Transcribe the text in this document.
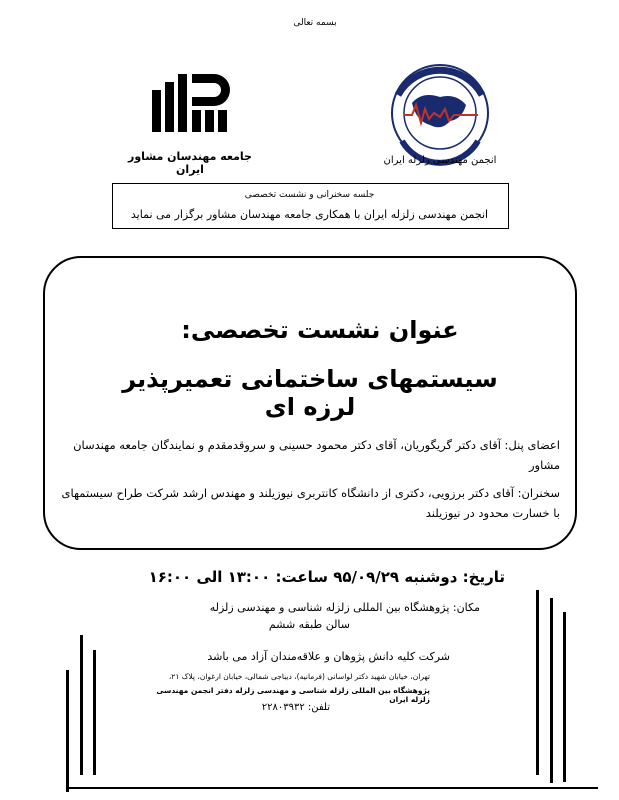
بسمه تعالی
جامعه مهندسان مشاور ایران
انجمن مهندسی زلزله ایران
جلسه سخنرانی و نشست تخصصی
انجمن مهندسی زلزله ایران با همکاری جامعه مهندسان مشاور برگزار می نماید
عنوان نشست تخصصی:
سیستمهای ساختمانی تعمیرپذیر لرزه ای
اعضای پنل: آقای دکتر گریگوریان، آقای دکتر محمود حسینی و سروقدمقدم و نمایندگان جامعه مهندسان مشاور
سخنران: آقای دکتر برزویی، دکتری از دانشگاه کانتربری نیوزیلند و مهندس ارشد شرکت طراح سیستمهای با خسارت محدود در نیوزیلند
تاریخ: دوشنبه ۹۵/۰۹/۲۹ ساعت: ۱۳:۰۰ الی ۱۶:۰۰
مکان: پژوهشگاه بین المللی زلزله شناسی و مهندسی زلزله
سالن طبقه ششم
شرکت کلیه دانش پژوهان و علاقه‌مندان آزاد می باشد
تهران، خیابان شهید دکتر لواسانی (فرمانیه)، دیباجی شمالی، خیابان ارغوان، پلاک ۲۱،
پژوهشگاه بین المللی زلزله شناسی و مهندسی زلزله دفتر انجمن مهندسی زلزله ایران
تلفن: ۲۲۸۰۳۹۳۲
